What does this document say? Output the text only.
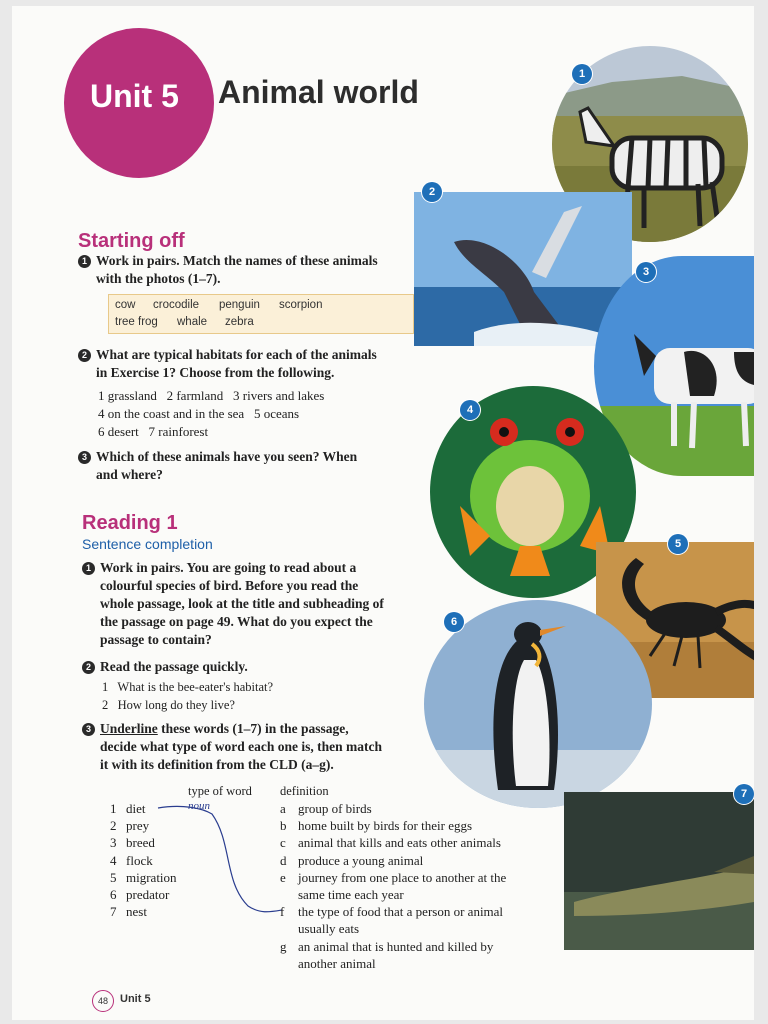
Unit 5 Animal world
Starting off
1 Work in pairs. Match the names of these animals
with the photos (1–7).
cow crocodile penguin scorpion
tree frog whale zebra
2 What are typical habitats for each of the animals
in Exercise 1? Choose from the following.
1 grassland   2 farmland   3 rivers and lakes
4 on the coast and in the sea   5 oceans
6 desert   7 rainforest
3 Which of these animals have you seen? When
and where?
Reading 1
Sentence completion
1 Work in pairs. You are going to read about a
colourful species of bird. Before you read the
whole passage, look at the title and subheading of
the passage on page 49. What do you expect the
passage to contain?
2 Read the passage quickly.
1   What is the bee-eater's habitat?
2   How long do they live?
3 Underline these words (1–7) in the passage,
decide what type of word each one is, then match
it with its definition from the CLD (a–g).
type of word definition
noun
1 diet
2 prey
3 breed
4 flock
5 migration
6 predator
7 nest
a group of birds
b home built by birds for their eggs
c animal that kills and eats other animals
d produce a young animal
e journey from one place to another at the
same time each year
f	the type of food that a person or animal
usually eats
g an animal that is hunted and killed by
another animal
1
2
3
4
5
6
7
48	Unit 5
